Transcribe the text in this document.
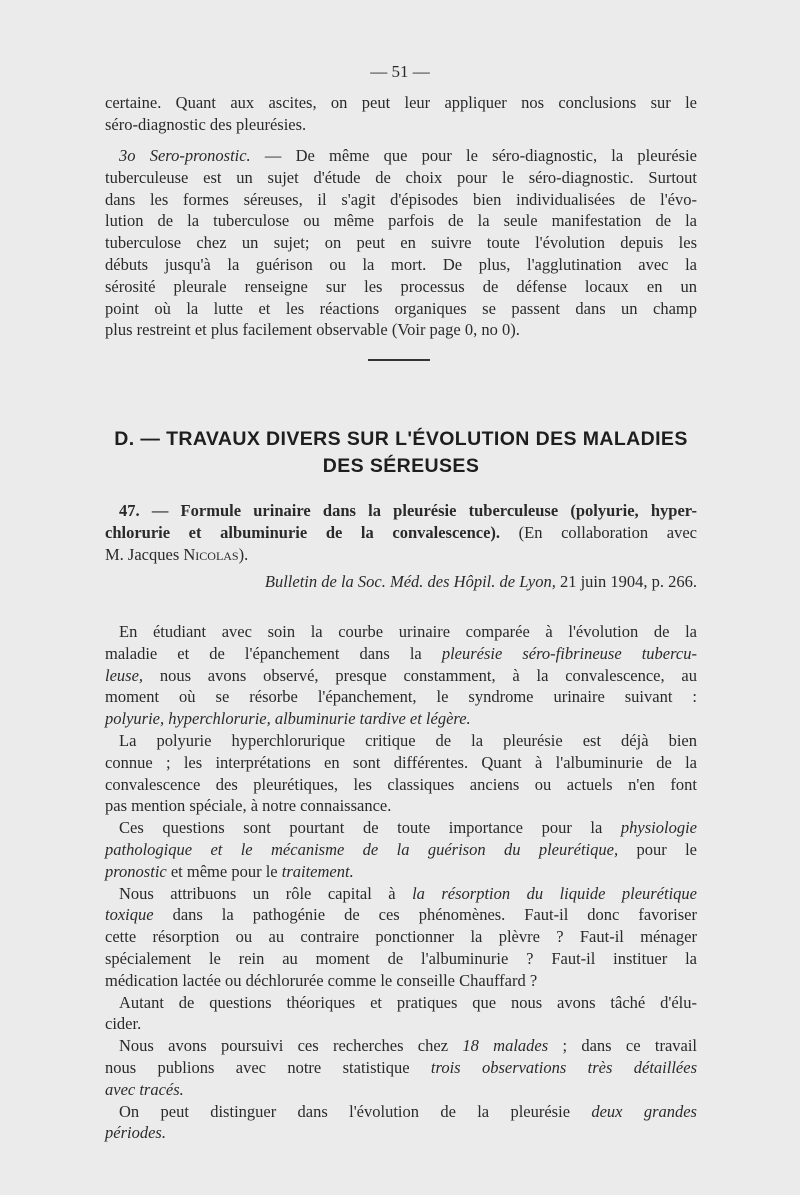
— 51 —
certaine. Quant aux ascites, on peut leur appliquer nos conclusions sur le
séro-diagnostic des pleurésies.
3o Sero-pronostic. — De même que pour le séro-diagnostic, la pleurésie
tuberculeuse est un sujet d'étude de choix pour le séro-diagnostic. Surtout
dans les formes séreuses, il s'agit d'épisodes bien individualisées de l'évo-
lution de la tuberculose ou même parfois de la seule manifestation de la
tuberculose chez un sujet; on peut en suivre toute l'évolution depuis les
débuts jusqu'à la guérison ou la mort. De plus, l'agglutination avec la
sérosité pleurale renseigne sur les processus de défense locaux en un
point où la lutte et les réactions organiques se passent dans un champ
plus restreint et plus facilement observable (Voir page 0, no 0).
D. — TRAVAUX DIVERS SUR L'ÉVOLUTION DES MALADIES
DES SÉREUSES
47. — Formule urinaire dans la pleurésie tuberculeuse (polyurie, hyper-
chlorurie et albuminurie de la convalescence). (En collaboration avec
M. Jacques Nicolas).
Bulletin de la Soc. Méd. des Hôpil. de Lyon, 21 juin 1904, p. 266.
En étudiant avec soin la courbe urinaire comparée à l'évolution de la
maladie et de l'épanchement dans la pleurésie séro-fibrineuse tubercu-
leuse, nous avons observé, presque constamment, à la convalescence, au
moment où se résorbe l'épanchement, le syndrome urinaire suivant :
polyurie, hyperchlorurie, albuminurie tardive et légère.
La polyurie hyperchlorurique critique de la pleurésie est déjà bien
connue ; les interprétations en sont différentes. Quant à l'albuminurie de la
convalescence des pleurétiques, les classiques anciens ou actuels n'en font
pas mention spéciale, à notre connaissance.
Ces questions sont pourtant de toute importance pour la physiologie
pathologique et le mécanisme de la guérison du pleurétique, pour le
pronostic et même pour le traitement.
Nous attribuons un rôle capital à la résorption du liquide pleurétique
toxique dans la pathogénie de ces phénomènes. Faut-il donc favoriser
cette résorption ou au contraire ponctionner la plèvre ? Faut-il ménager
spécialement le rein au moment de l'albuminurie ? Faut-il instituer la
médication lactée ou déchlorurée comme le conseille Chauffard ?
Autant de questions théoriques et pratiques que nous avons tâché d'élu-
cider.
Nous avons poursuivi ces recherches chez 18 malades ; dans ce travail
nous publions avec notre statistique trois observations très détaillées
avec tracés.
On peut distinguer dans l'évolution de la pleurésie deux grandes
périodes.
